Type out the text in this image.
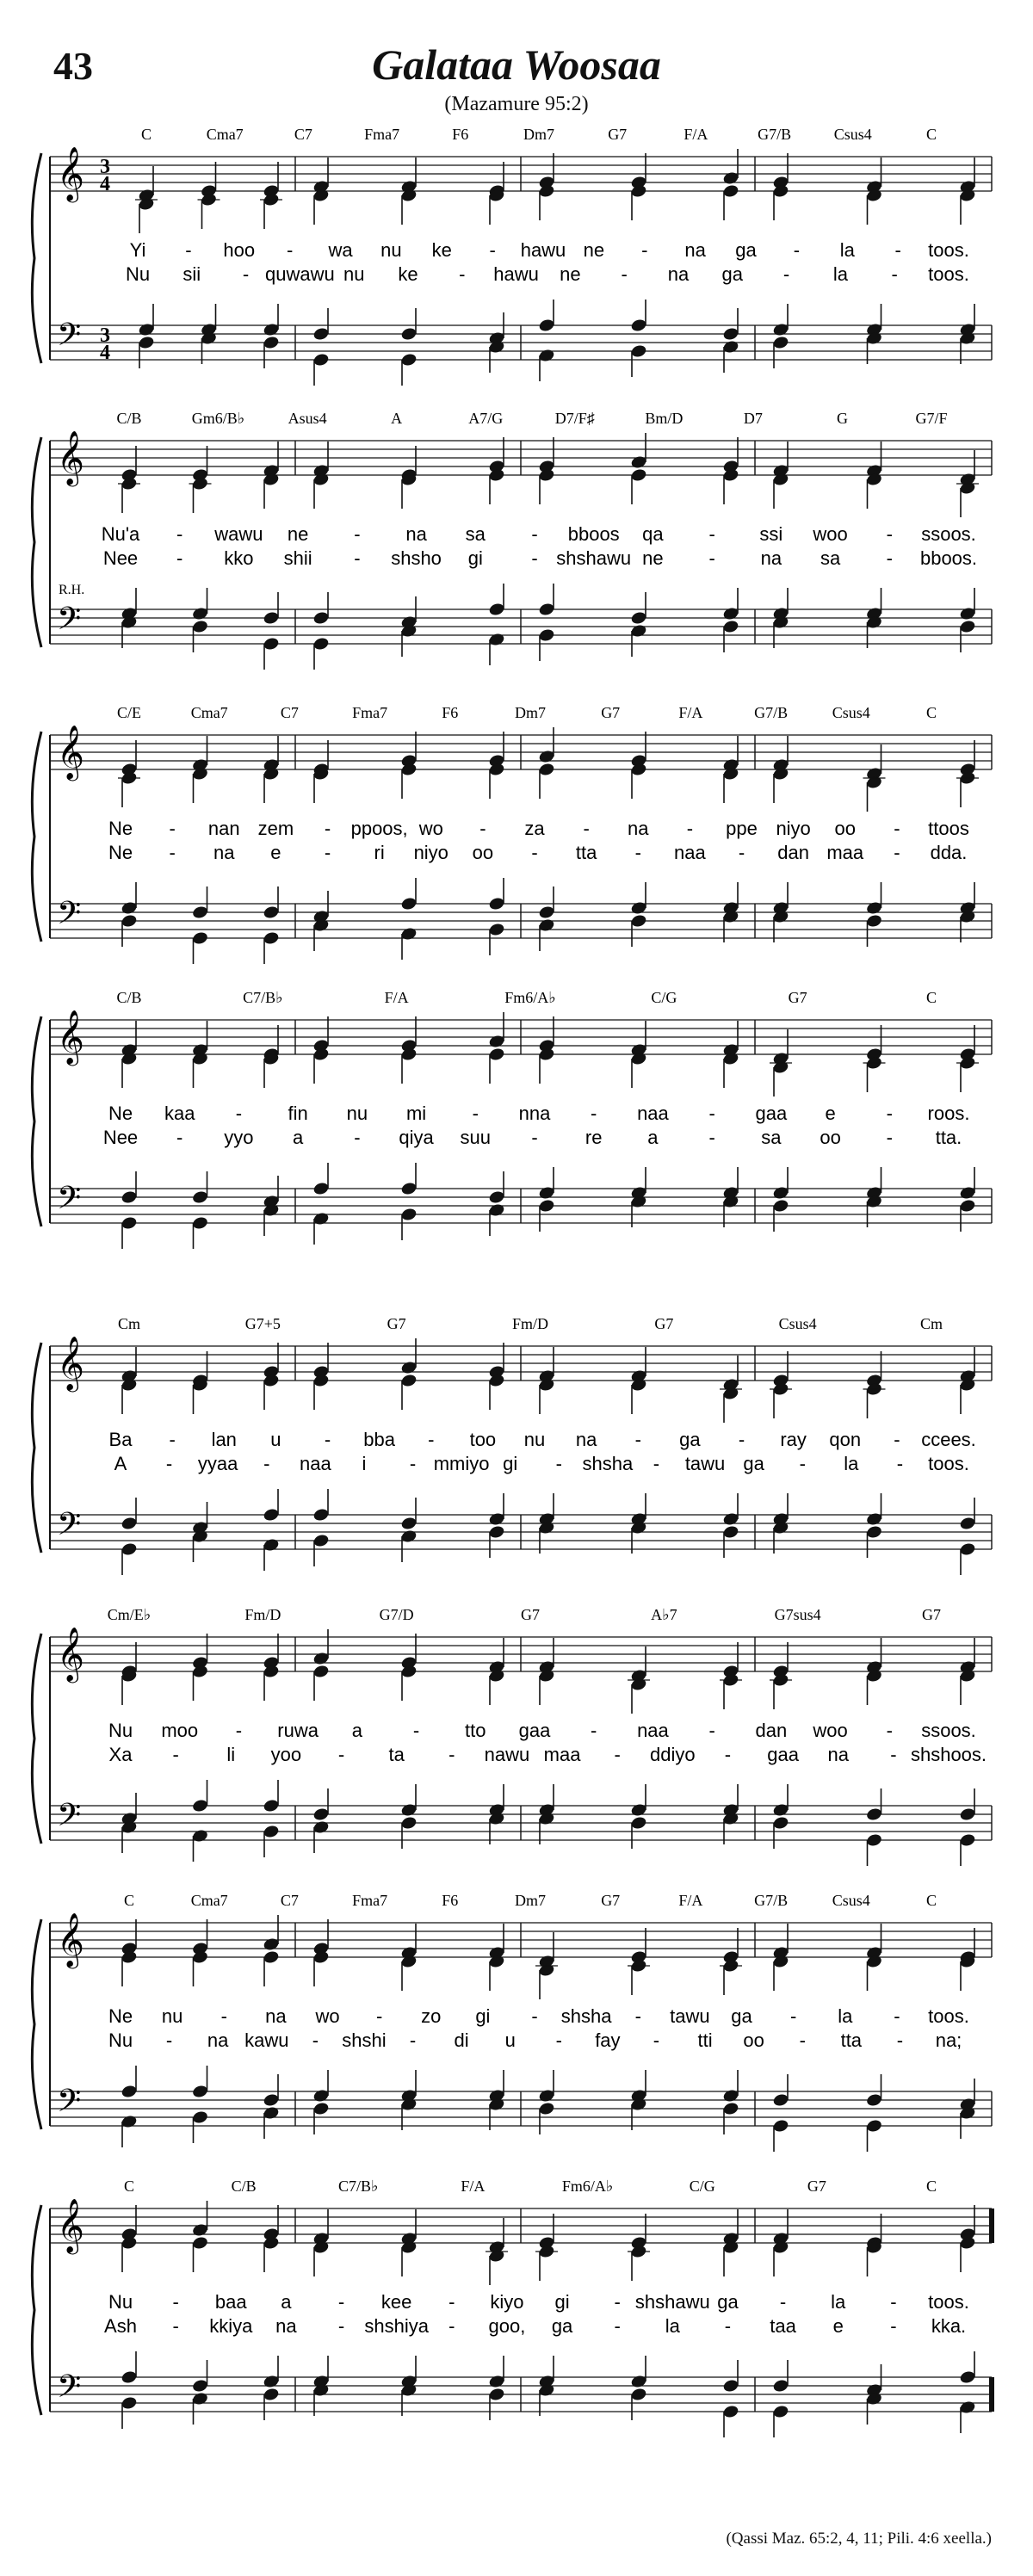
43	Galataa Woosaa
(Mazamure 95:2)
𝄞
𝄢
3
4
3
4
C	Cma7	C7	Fma7	F6	Dm7	G7	F/A	G7/B	Csus4	C
Yi - hoo - wa nu ke - hawu ne - na ga - la - toos.
Nu sii - quwawu nu ke - hawu ne - na ga - la - toos.
𝄞
𝄢
C/B	Gm6/B♭	Asus4	A	A7/G	D7/F♯	Bm/D	D7	G	G7/F
Nu'a - wawu ne - na sa - bboos qa - ssi woo - ssoos.
Nee - kko shii - shsho gi	- shshawu ne - na sa - bboos.
R.H.
𝄞
𝄢
C/E	Cma7	C7	Fma7	F6	Dm7	G7	F/A	G7/B	Csus4	C
Ne - nan zem - ppoos, wo - za - na - ppe niyo oo - ttoos
Ne - na e - ri niyo oo - tta - naa - dan maa - dda.
𝄞
𝄢
C/B	C7/B♭	F/A	Fm6/A♭	C/G	G7	C
Ne kaa - fin nu mi - nna - naa - gaa e	- roos.
Nee - yyo a	- qiya suu -	re a	- sa oo - tta.
𝄞
𝄢
Cm	G7+5	G7	Fm/D	G7	Csus4	Cm
Ba - lan u - bba - too nu na - ga - ray qon - ccees.
A - yyaa - naa i - mmiyo gi - shsha - tawu ga - la - toos.
𝄞
𝄢
Cm/E♭	Fm/D	G7/D	G7	A♭7	G7sus4	G7
Nu moo - ruwa a	- tto gaa - naa - dan woo - ssoos.
Xa -	li yoo - ta - nawu maa - ddiyo - gaa na - shshoos.
𝄞
𝄢
C	Cma7	C7	Fma7	F6	Dm7	G7	F/A	G7/B	Csus4	C
Ne nu - na wo - zo gi - shsha - tawu ga - la - toos.
Nu - na kawu - shshi - di u - fay - tti oo - tta - na;
𝄞
𝄢
C	C/B	C7/B♭	F/A	Fm6/A♭	C/G	G7	C
Nu - baa a - kee - kiyo gi - shshawu ga - la - toos.
Ash - kkiya na - shshiya - goo, ga - la - taa e - kka.
(Qassi Maz. 65:2, 4, 11; Pili. 4:6 xeella.)
